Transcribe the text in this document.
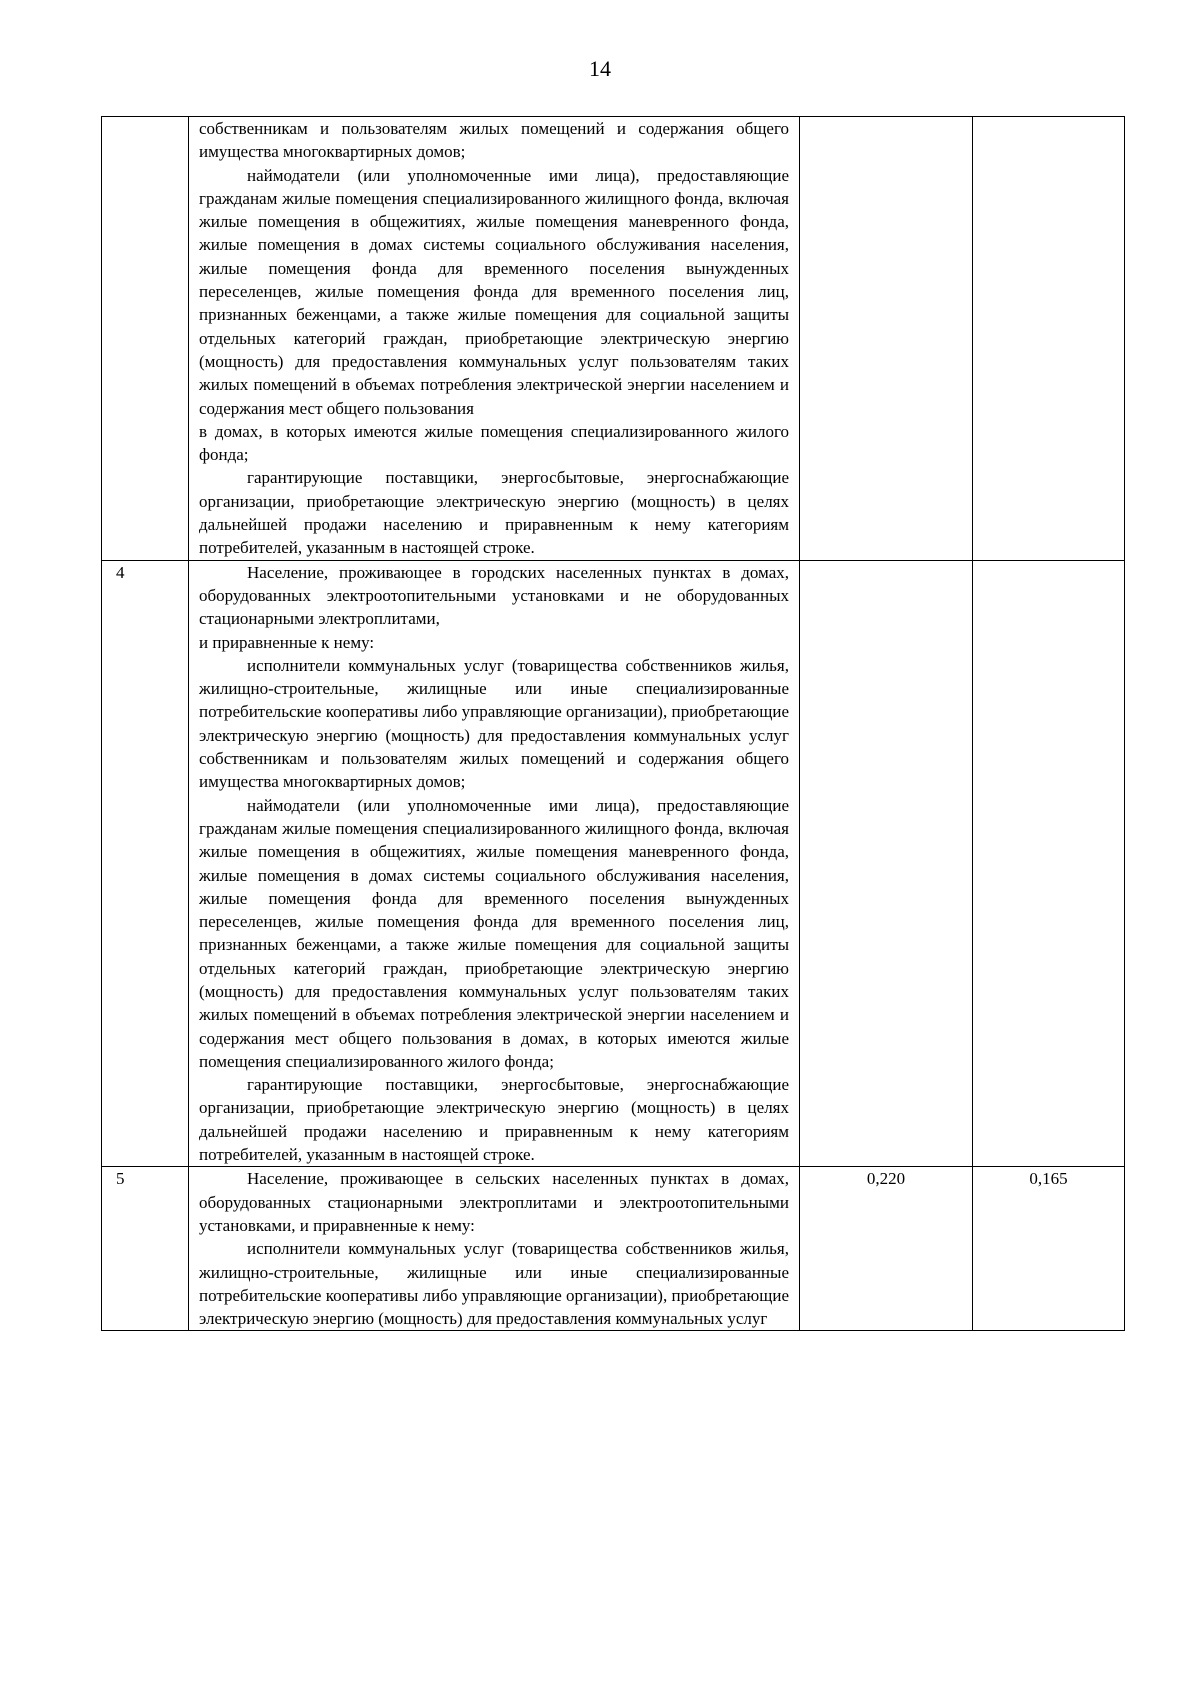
14

	собственникам и пользователям жилых помещений и содержания общего имущества многоквартирных домов;

наймодатели (или уполномоченные ими лица), предоставляющие гражданам жилые помещения специализированного жилищного фонда, включая жилые помещения в общежитиях, жилые помещения маневренного фонда, жилые помещения в домах системы социального обслуживания населения, жилые помещения фонда для временного поселения вынужденных переселенцев, жилые помещения фонда для временного поселения лиц, признанных беженцами, а также жилые помещения для социальной защиты отдельных категорий граждан, приобретающие электрическую энергию (мощность) для предоставления коммунальных услуг пользователям таких жилых помещений в объемах потребления электрической энергии населением и содержания мест общего пользования

в домах, в которых имеются жилые помещения специализированного жилого фонда;

гарантирующие поставщики, энергосбытовые, энергоснабжающие организации, приобретающие электрическую энергию (мощность) в целях дальнейшей продажи населению и приравненным к нему категориям потребителей, указанным в настоящей строке.		

4	Население, проживающее в городских населенных пунктах в домах, оборудованных электроотопительными установками и не оборудованных стационарными электроплитами,

и приравненные к нему:

исполнители коммунальных услуг (товарищества собственников жилья, жилищно-строительные, жилищные или иные специализированные потребительские кооперативы либо управляющие организации), приобретающие электрическую энергию (мощность) для предоставления коммунальных услуг собственникам и пользователям жилых помещений и содержания общего имущества многоквартирных домов;

наймодатели (или уполномоченные ими лица), предоставляющие гражданам жилые помещения специализированного жилищного фонда, включая жилые помещения в общежитиях, жилые помещения маневренного фонда, жилые помещения в домах системы социального обслуживания населения, жилые помещения фонда для временного поселения вынужденных переселенцев, жилые помещения фонда для временного поселения лиц, признанных беженцами, а также жилые помещения для социальной защиты отдельных категорий граждан, приобретающие электрическую энергию (мощность) для предоставления коммунальных услуг пользователям таких жилых помещений в объемах потребления электрической энергии населением и содержания мест общего пользования в домах, в которых имеются жилые помещения специализированного жилого фонда;

гарантирующие поставщики, энергосбытовые, энергоснабжающие организации, приобретающие электрическую энергию (мощность) в целях дальнейшей продажи населению и приравненным к нему категориям потребителей, указанным в настоящей строке.		

5	Население, проживающее в сельских населенных пунктах в домах, оборудованных стационарными электроплитами и электроотопительными установками, и приравненные к нему:

исполнители коммунальных услуг (товарищества собственников жилья, жилищно-строительные, жилищные или иные специализированные потребительские кооперативы либо управляющие организации), приобретающие электрическую энергию (мощность) для предоставления коммунальных услуг	0,220	0,165
